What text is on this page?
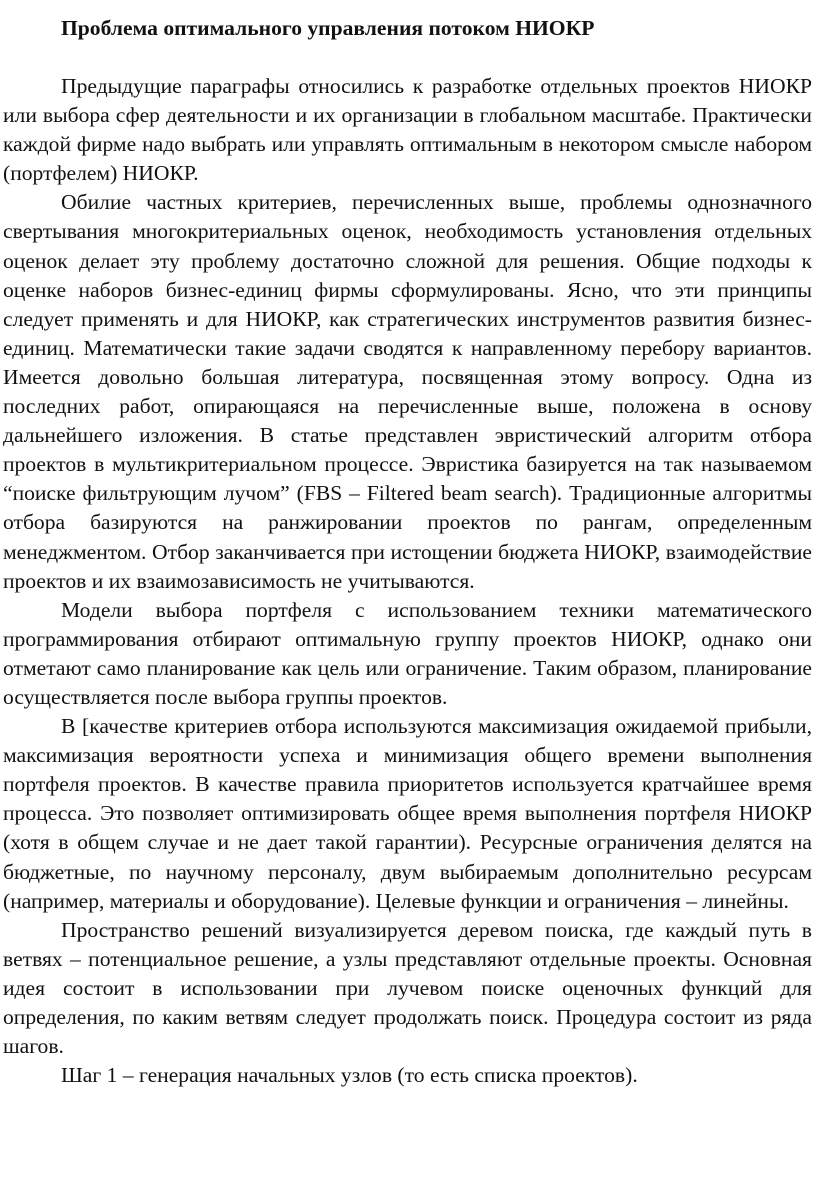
Проблема оптимального управления потоком НИОКР

Предыдущие параграфы относились к разработке отдельных проектов НИОКР или выбора сфер деятельности и их организации в глобальном масштабе. Практически каждой фирме надо выбрать или управлять оптимальным в некотором смысле набором (портфелем) НИОКР.

Обилие частных критериев, перечисленных выше, проблемы однозначного свертывания многокритериальных оценок, необходимость установления отдельных оценок делает эту проблему достаточно сложной для решения. Общие подходы к оценке наборов бизнес-единиц фирмы сформулированы. Ясно, что эти принципы следует применять и для НИОКР, как стратегических инструментов развития бизнес-единиц. Математически такие задачи сводятся к направленному перебору вариантов. Имеется довольно большая литература, посвященная этому вопросу. Одна из последних работ, опирающаяся на перечисленные выше, положена в основу дальнейшего изложения. В статье представлен эвристический алгоритм отбора проектов в мультикритериальном процессе. Эвристика базируется на так называемом “поиске фильтрующим лучом” (FBS – Filtered beam search). Традиционные алгоритмы отбора базируются на ранжировании проектов по рангам, определенным менеджментом. Отбор заканчивается при истощении бюджета НИОКР, взаимодействие проектов и их взаимозависимость не учитываются.

Модели выбора портфеля с использованием техники математического программирования отбирают оптимальную группу проектов НИОКР, однако они отметают само планирование как цель или ограничение. Таким образом, планирование осуществляется после выбора группы проектов.

В [качестве критериев отбора используются максимизация ожидаемой прибыли, максимизация вероятности успеха и минимизация общего времени выполнения портфеля проектов. В качестве правила приоритетов используется кратчайшее время процесса. Это позволяет оптимизировать общее время выполнения портфеля НИОКР (хотя в общем случае и не дает такой гарантии). Ресурсные ограничения делятся на бюджетные, по научному персоналу, двум выбираемым дополнительно ресурсам (например, материалы и оборудование). Целевые функции и ограничения – линейны.

Пространство решений визуализируется деревом поиска, где каждый путь в ветвях – потенциальное решение, а узлы представляют отдельные проекты. Основная идея состоит в использовании при лучевом поиске оценочных функций для определения, по каким ветвям следует продолжать поиск. Процедура состоит из ряда шагов.

Шаг 1 – генерация начальных узлов (то есть списка проектов).
